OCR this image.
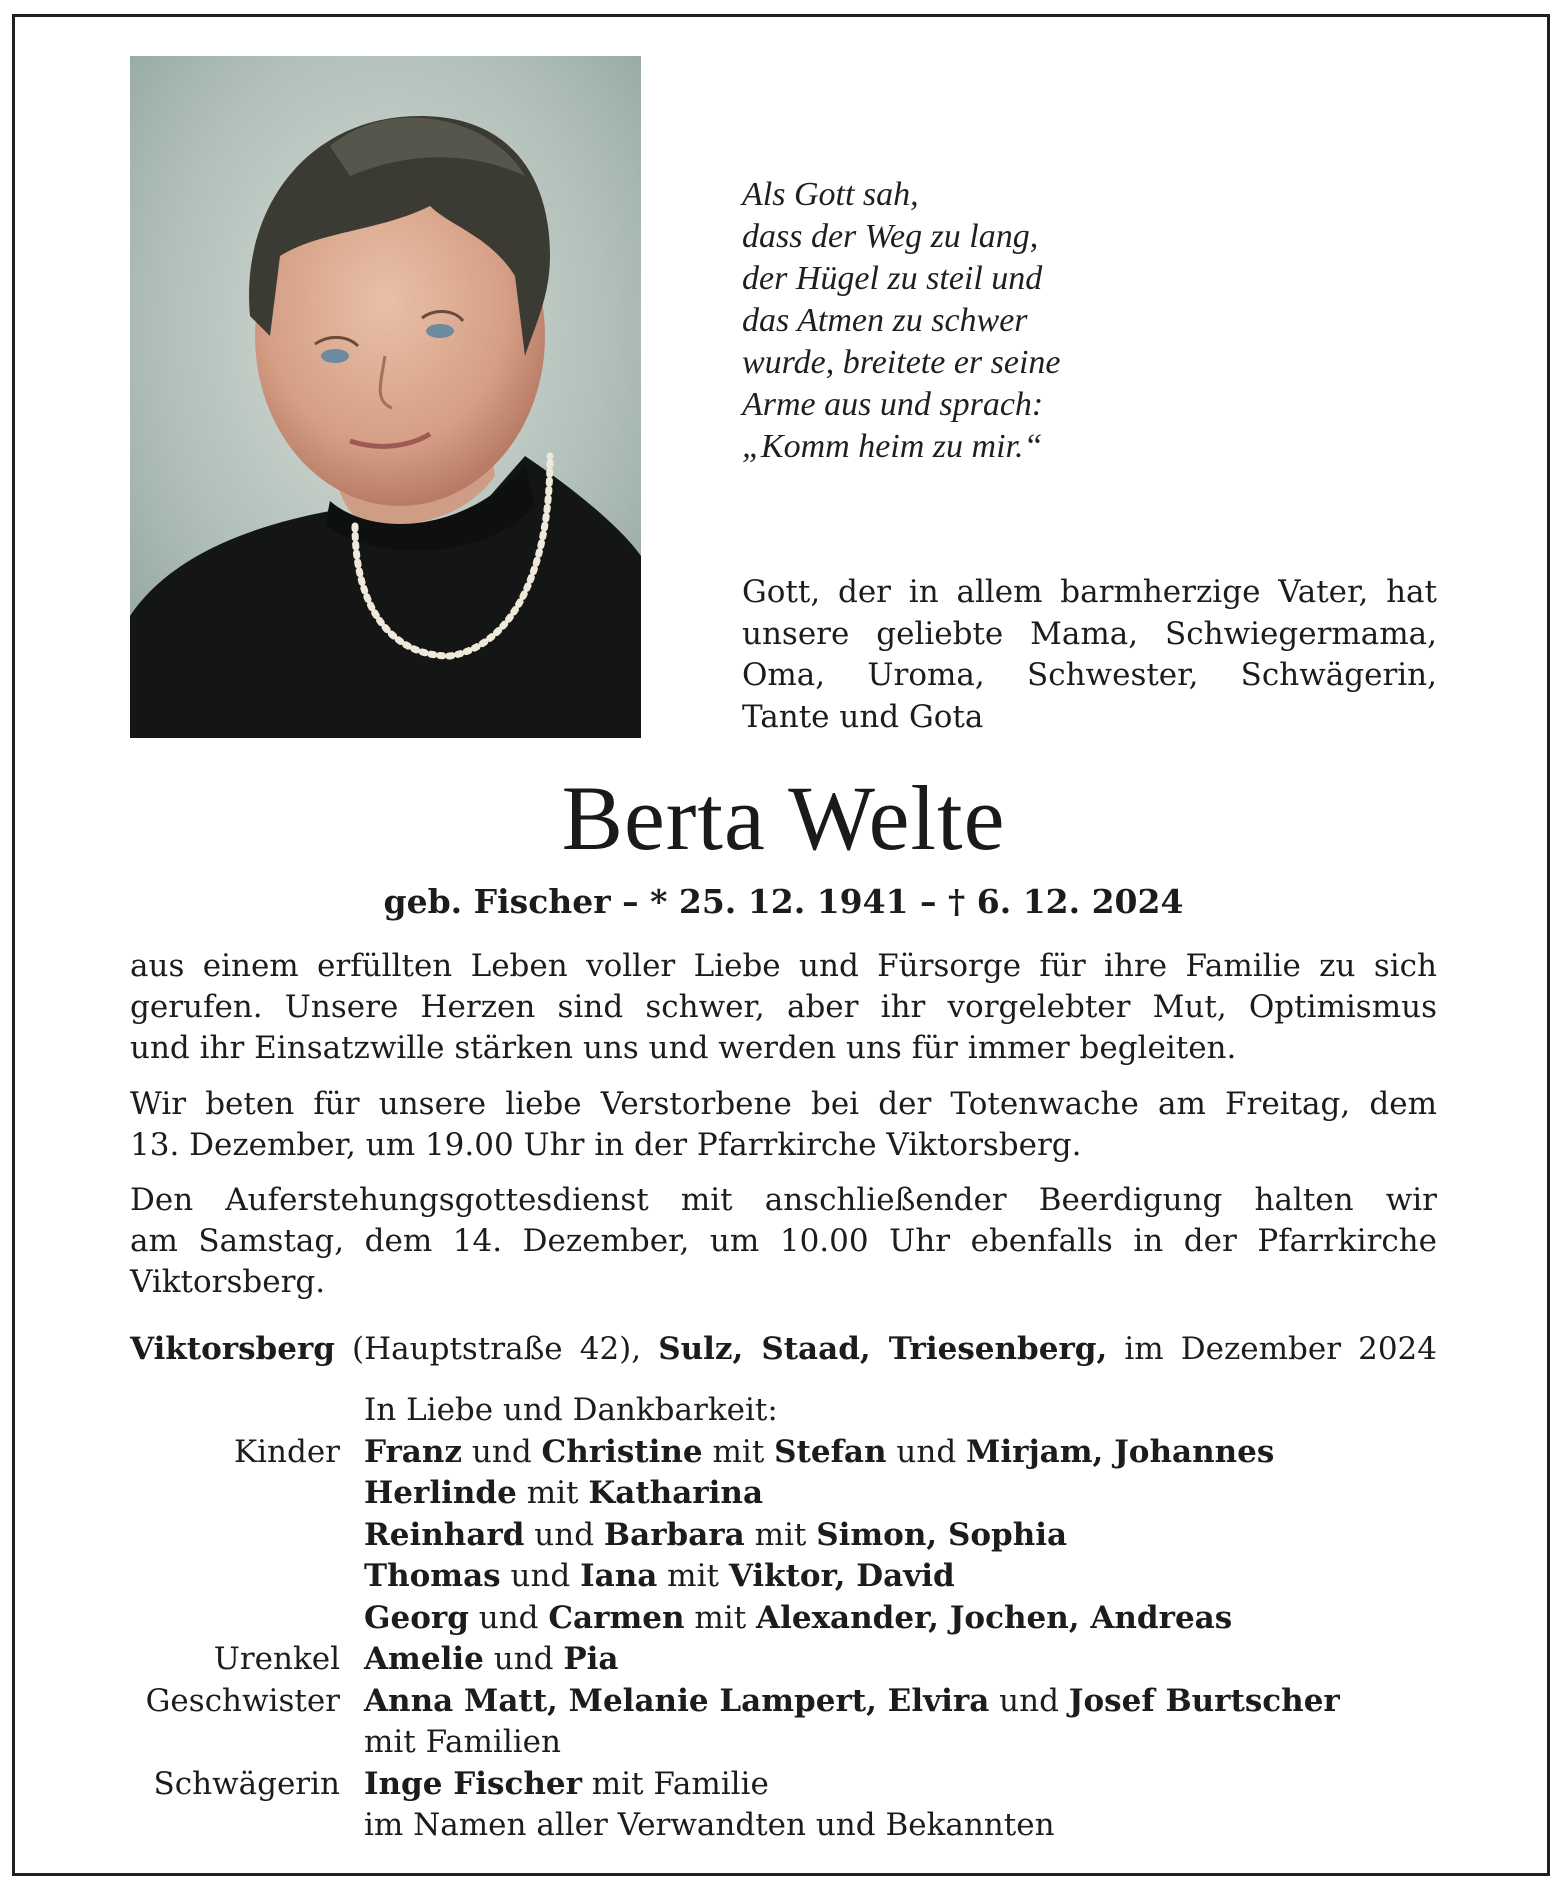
Als Gott sah,
dass der Weg zu lang,
der Hügel zu steil und
das Atmen zu schwer
wurde, breitete er seine
Arme aus und sprach:
„Komm heim zu mir.“
Gott, der in allem barmherzige Vater, hat
unsere geliebte Mama, Schwiegermama,
Oma, Uroma, Schwester, Schwägerin,
Tante und Gota
Berta Welte
geb. Fischer – * 25. 12. 1941 – † 6. 12. 2024
aus einem erfüllten Leben voller Liebe und Fürsorge für ihre Familie zu sich
gerufen. Unsere Herzen sind schwer, aber ihr vorgelebter Mut, Optimismus
und ihr Einsatzwille stärken uns und werden uns für immer begleiten.
Wir beten für unsere liebe Verstorbene bei der Totenwache am Freitag, dem
13. Dezember, um 19.00 Uhr in der Pfarrkirche Viktorsberg.
Den Auferstehungsgottesdienst mit anschließender Beerdigung halten wir
am Samstag, dem 14. Dezember, um 10.00 Uhr ebenfalls in der Pfarrkirche
Viktorsberg.
Viktorsberg (Hauptstraße 42), Sulz, Staad, Triesenberg, im Dezember 2024
In Liebe und Dankbarkeit:
Kinder Franz und Christine mit Stefan und Mirjam, Johannes
Herlinde mit Katharina
Reinhard und Barbara mit Simon, Sophia
Thomas und Iana mit Viktor, David
Georg und Carmen mit Alexander, Jochen, Andreas
Urenkel Amelie und Pia
Geschwister Anna Matt, Melanie Lampert, Elvira und Josef Burtscher
mit Familien
Schwägerin Inge Fischer mit Familie
im Namen aller Verwandten und Bekannten
